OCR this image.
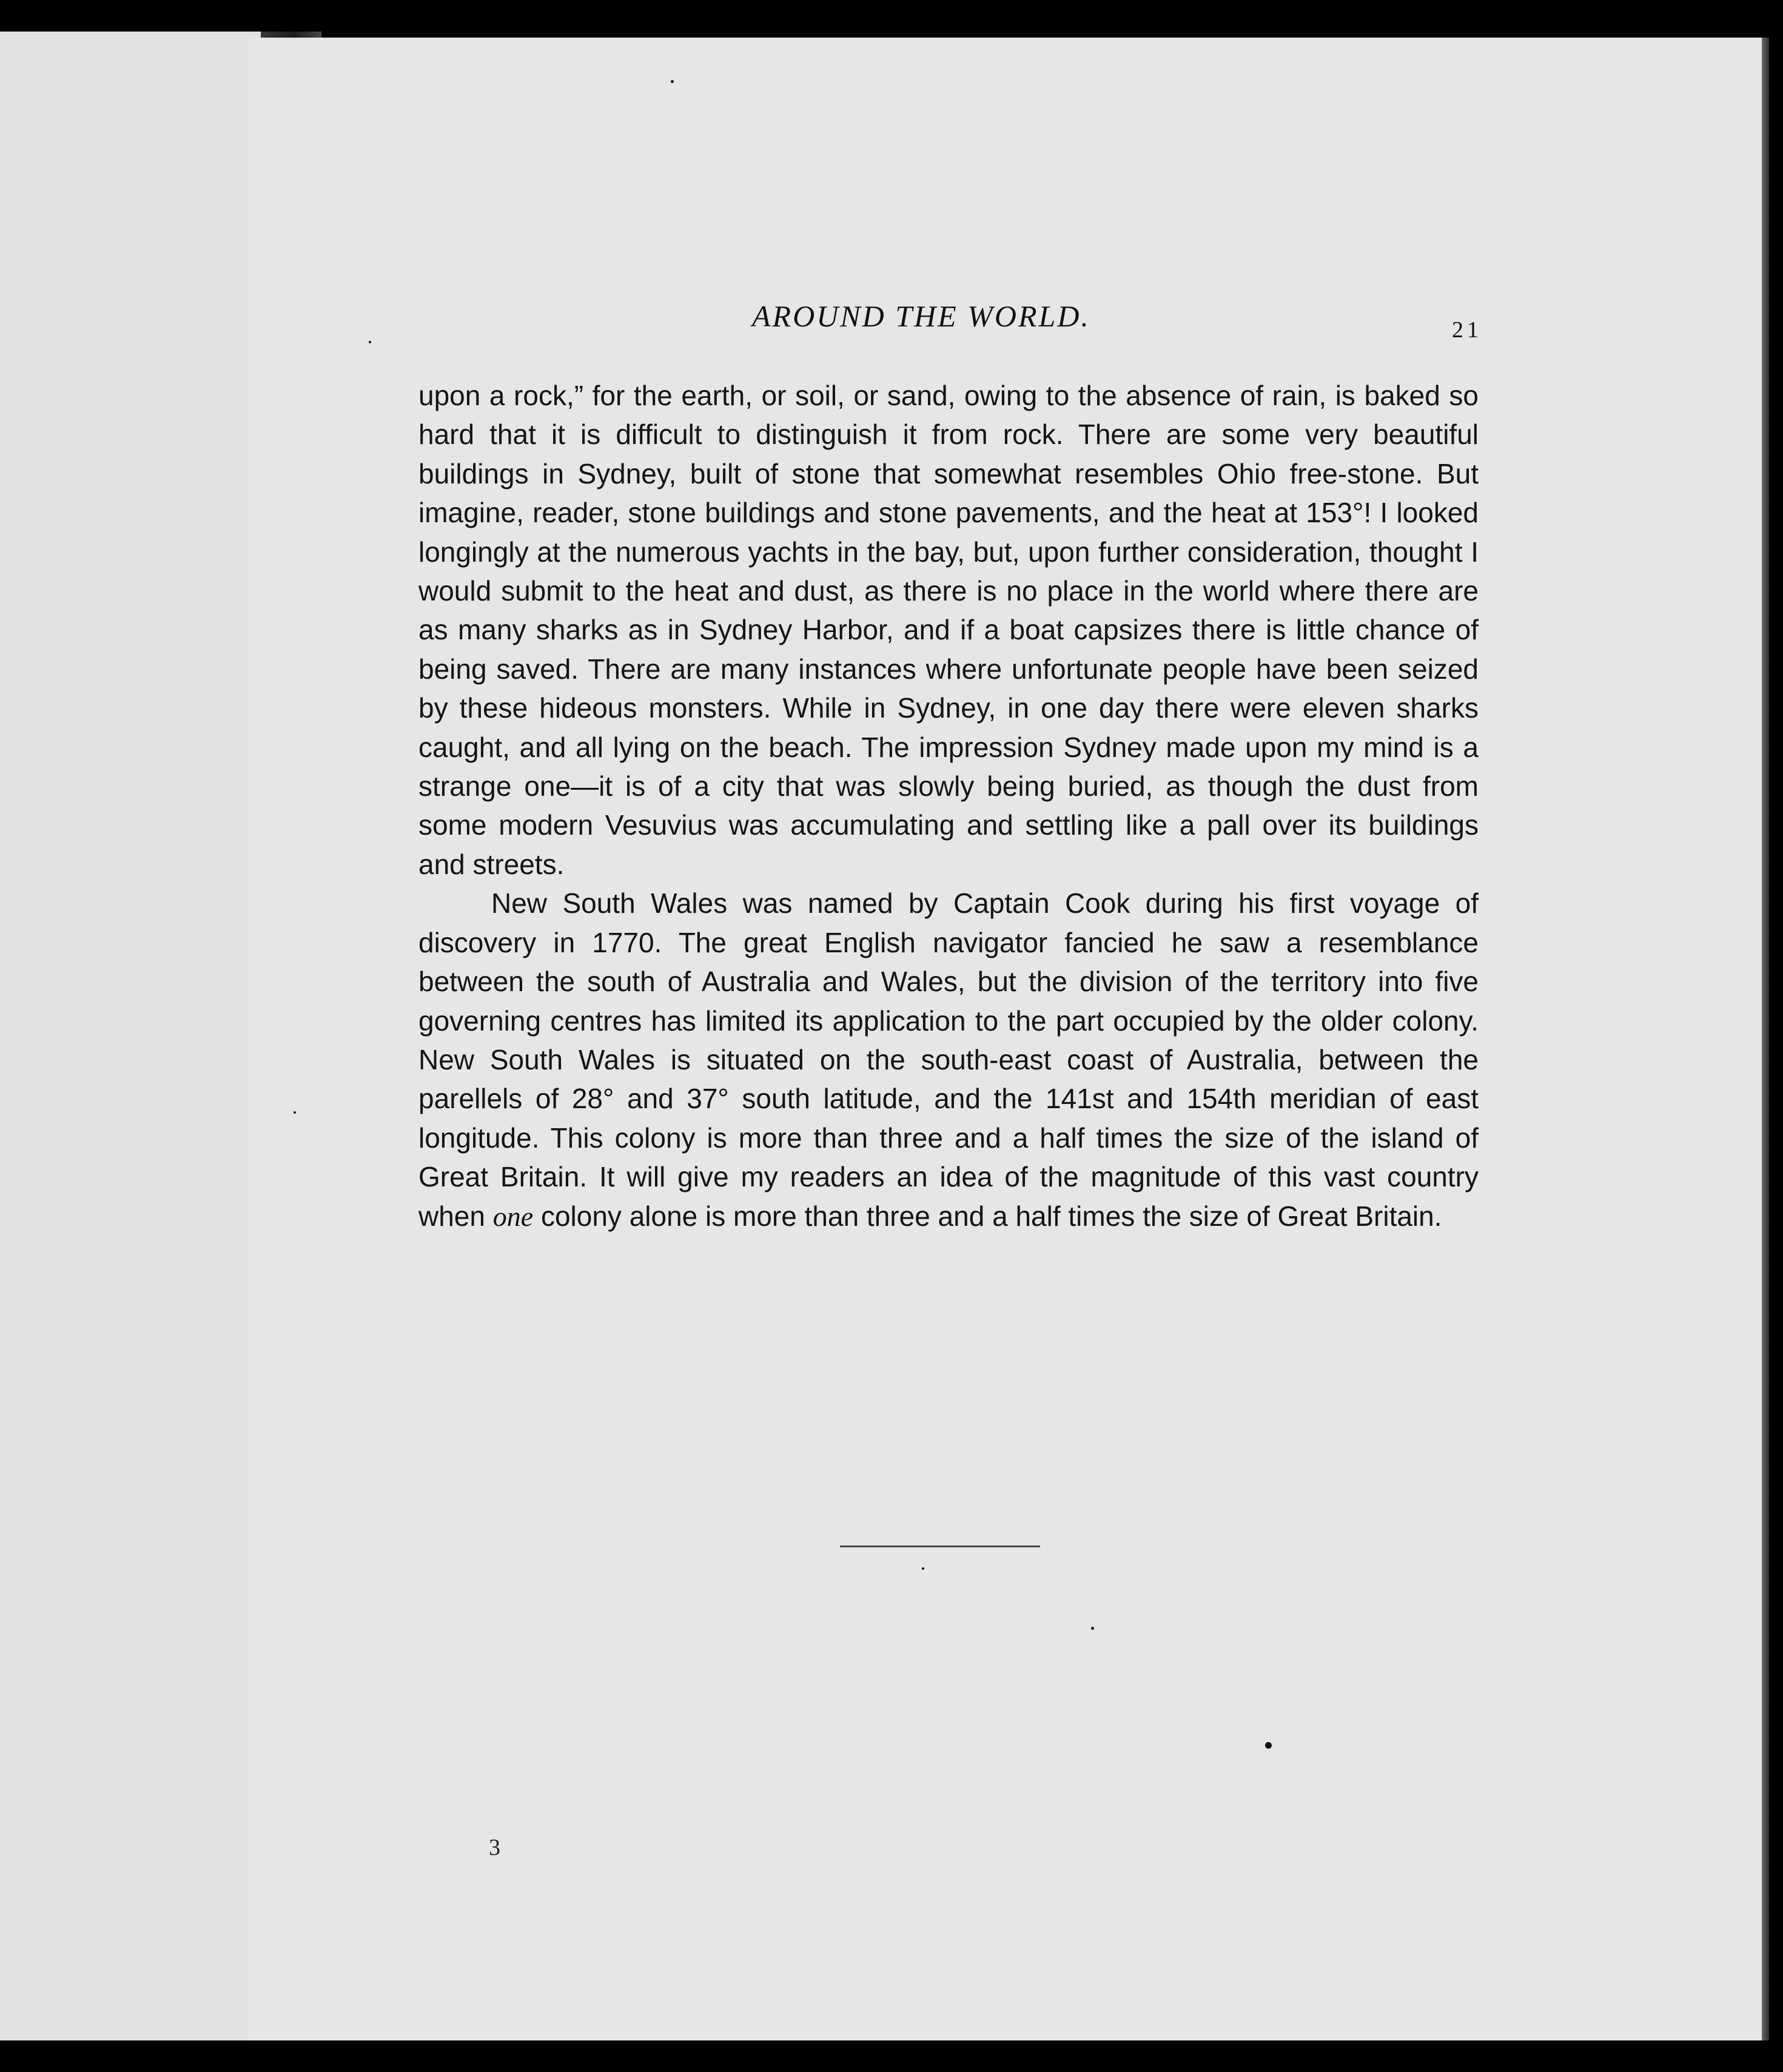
AROUND THE WORLD.	21

upon a rock,” for the earth, or soil, or sand, owing to the absence of rain, is baked so hard that it is difficult to distinguish it from rock. There are some very beautiful buildings in Sydney, built of stone that somewhat resembles Ohio free-stone. But imagine, reader, stone buildings and stone pavements, and the heat at 153°! I looked longingly at the numerous yachts in the bay, but, upon further consideration, thought I would submit to the heat and dust, as there is no place in the world where there are as many sharks as in Sydney Harbor, and if a boat capsizes there is little chance of being saved. There are many instances where unfortunate people have been seized by these hideous monsters. While in Sydney, in one day there were eleven sharks caught, and all lying on the beach. The impression Sydney made upon my mind is a strange one—it is of a city that was slowly being buried, as though the dust from some modern Vesuvius was accumulating and settling like a pall over its buildings and streets.

New South Wales was named by Captain Cook during his first voyage of discovery in 1770. The great English navigator fancied he saw a resemblance between the south of Australia and Wales, but the division of the territory into five governing centres has limited its application to the part occupied by the older colony. New South Wales is situated on the south-east coast of Australia, between the parellels of 28° and 37° south latitude, and the 141st and 154th meridian of east longitude. This colony is more than three and a half times the size of the island of Great Britain. It will give my readers an idea of the magnitude of this vast country when one colony alone is more than three and a half times the size of Great Britain.

3
